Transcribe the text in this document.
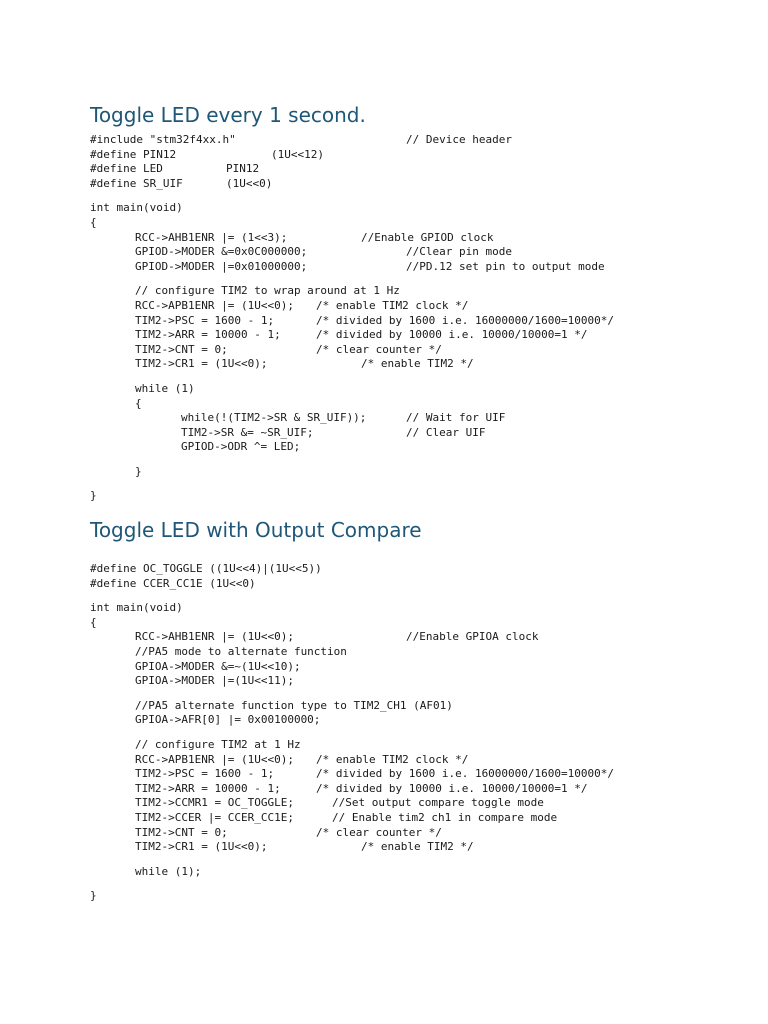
Toggle LED every 1 second.
#include "stm32f4xx.h"	// Device header
#define PIN12	(1U<<12)
#define LED	PIN12
#define SR_UIF	(1U<<0)
int main(void)
{
RCC->AHB1ENR |= (1<<3);	//Enable GPIOD clock
GPIOD->MODER &=0x0C000000;	//Clear pin mode
GPIOD->MODER |=0x01000000;	//PD.12 set pin to output mode
// configure TIM2 to wrap around at 1 Hz
RCC->APB1ENR |= (1U<<0); /* enable TIM2 clock */
TIM2->PSC = 1600 - 1;	/* divided by 1600 i.e. 16000000/1600=10000*/
TIM2->ARR = 10000 - 1;	/* divided by 10000 i.e. 10000/10000=1 */
TIM2->CNT = 0;	/* clear counter */
TIM2->CR1 = (1U<<0);	/* enable TIM2 */
while (1)
{
while(!(TIM2->SR & SR_UIF));	// Wait for UIF
TIM2->SR &= ~SR_UIF;	// Clear UIF
GPIOD->ODR ^= LED;
}
}
Toggle LED with Output Compare
#define OC_TOGGLE ((1U<<4)|(1U<<5))
#define CCER_CC1E (1U<<0)
int main(void)
{
RCC->AHB1ENR |= (1U<<0);	//Enable GPIOA clock
//PA5 mode to alternate function
GPIOA->MODER &=~(1U<<10);
GPIOA->MODER |=(1U<<11);
//PA5 alternate function type to TIM2_CH1 (AF01)
GPIOA->AFR[0] |= 0x00100000;
// configure TIM2 at 1 Hz
RCC->APB1ENR |= (1U<<0); /* enable TIM2 clock */
TIM2->PSC = 1600 - 1;	/* divided by 1600 i.e. 16000000/1600=10000*/
TIM2->ARR = 10000 - 1;	/* divided by 10000 i.e. 10000/10000=1 */
TIM2->CCMR1 = OC_TOGGLE;	//Set output compare toggle mode
TIM2->CCER |= CCER_CC1E;	// Enable tim2 ch1 in compare mode
TIM2->CNT = 0;	/* clear counter */
TIM2->CR1 = (1U<<0);	/* enable TIM2 */
while (1);
}
